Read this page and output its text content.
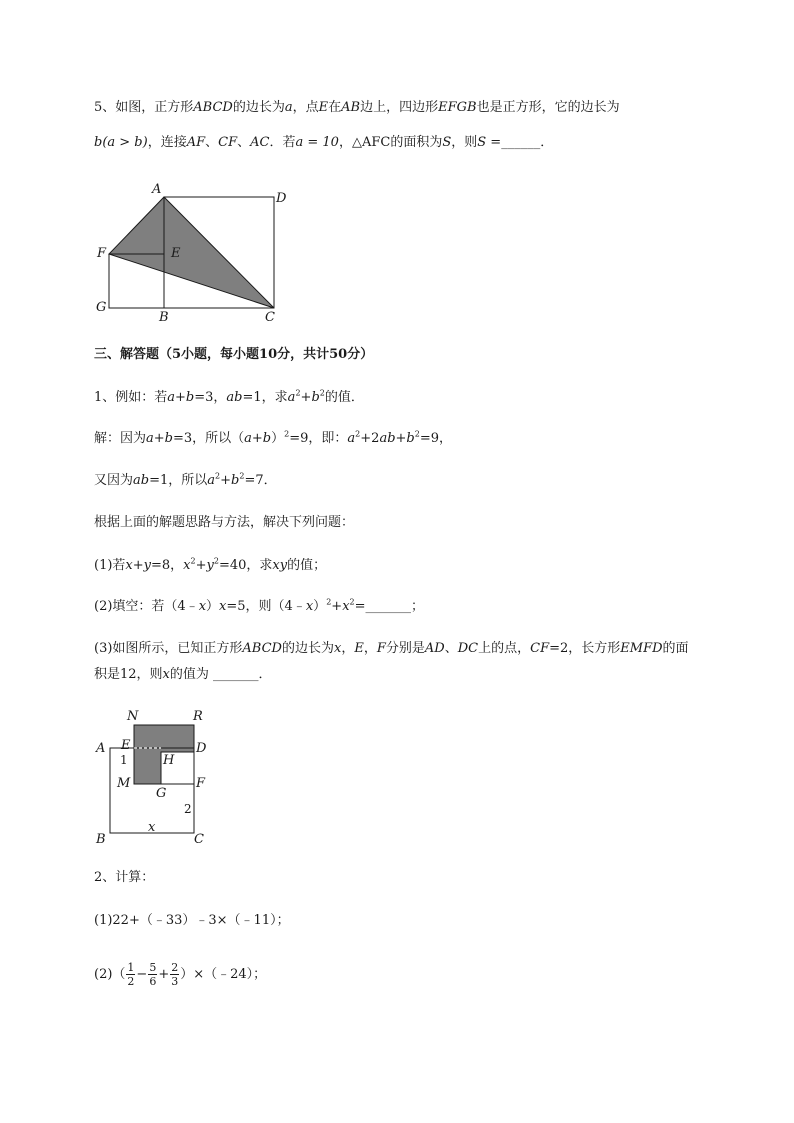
5、如图，正方形ABCD的边长为a，点E在AB边上，四边形EFGB也是正方形，它的边长为
b(a > b)，连接AF、CF、AC．若a = 10，△AFC的面积为S，则S =______．
A
D
F	E
G
B	C
三、解答题（5小题，每小题10分，共计50分）
1、例如：若a+b=3，ab=1，求$a^2+b^2$的值．
解：因为a+b=3，所以$(a+b)^2=9$，即：$a^2+2ab+b^2=9$，
又因为ab=1，所以$a^2+b^2=7$．
根据上面的解题思路与方法，解决下列问题：
(1)若x+y=8，$x^2+y^2=40$，求xy的值；
(2)填空：若（4﹣x）x=5，则$(4﹣x)^2+x^2=\_\_\_\_\_\_\_$；
(3)如图所示，已知正方形ABCD的边长为x，E，F分别是AD、DC上的点，CF=2，长方形EMFD的面
积是12，则x的值为 _______．
N	R
A E	D
H
1
M	F
G
2
x
B	C
2、计算：
(1)22+（﹣33）﹣3×（﹣11）；
$(2)( \frac{1}{2} - \frac{5}{6} + \frac{2}{3}$ ）×（﹣24）；
